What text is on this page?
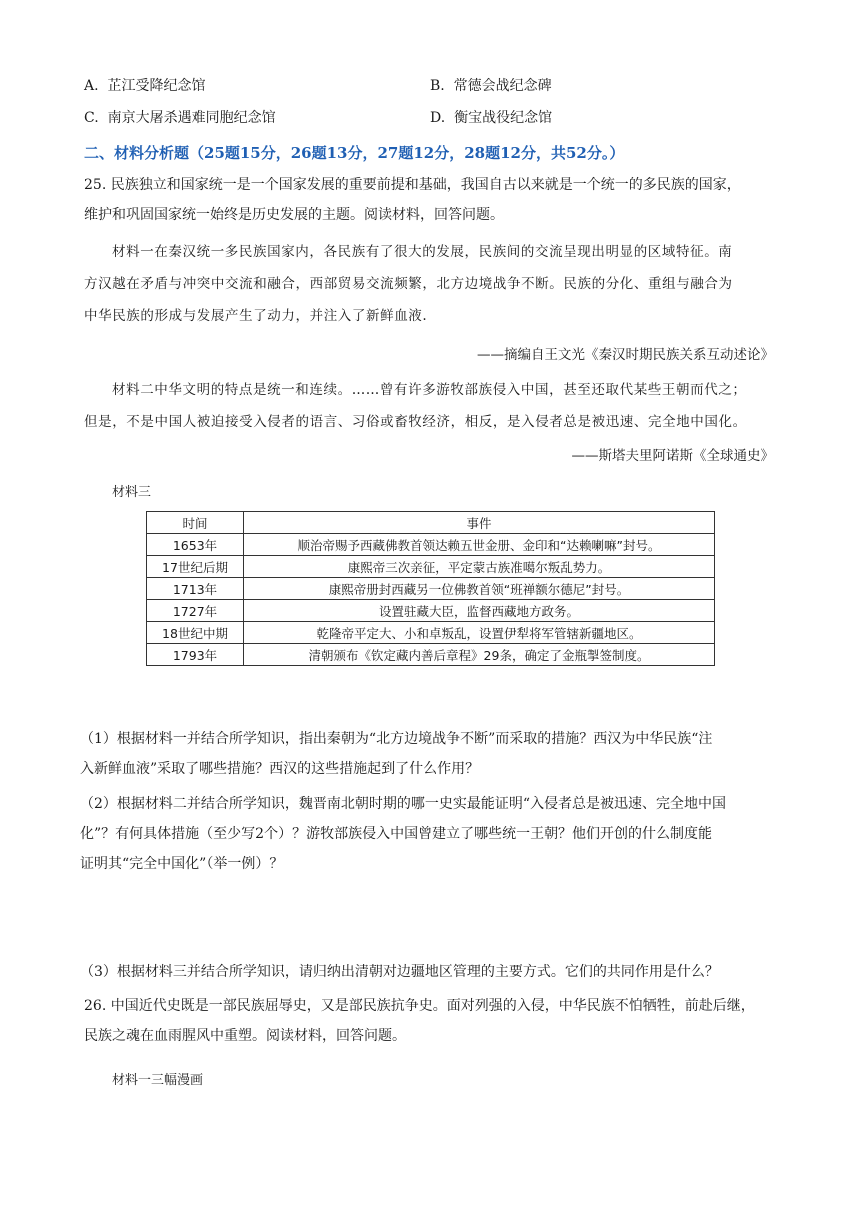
A. 芷江受降纪念馆	B. 常德会战纪念碑
C. 南京大屠杀遇难同胞纪念馆	D. 衡宝战役纪念馆
二、材料分析题（25题15分，26题13分，27题12分，28题12分，共52分。）
25. 民族独立和国家统一是一个国家发展的重要前提和基础，我国自古以来就是一个统一的多民族的国家，
维护和巩固国家统一始终是历史发展的主题。阅读材料，回答问题。
材料一在秦汉统一多民族国家内，各民族有了很大的发展，民族间的交流呈现出明显的区域特征。南
方汉越在矛盾与冲突中交流和融合，西部贸易交流频繁，北方边境战争不断。民族的分化、重组与融合为
中华民族的形成与发展产生了动力，并注入了新鲜血液.
——摘编自王文光《秦汉时期民族关系互动述论》
材料二中华文明的特点是统一和连续。……曾有许多游牧部族侵入中国，甚至还取代某些王朝而代之；
但是，不是中国人被迫接受入侵者的语言、习俗或畜牧经济，相反，是入侵者总是被迅速、完全地中国化。
——斯塔夫里阿诺斯《全球通史》
材料三
时间	事件
1653年	顺治帝赐予西藏佛教首领达赖五世金册、金印和“达赖喇嘛”封号。
17世纪后期	康熙帝三次亲征，平定蒙古族准噶尔叛乱势力。
1713年	康熙帝册封西藏另一位佛教首领“班禅额尔德尼”封号。
1727年	设置驻藏大臣，监督西藏地方政务。
18世纪中期	乾隆帝平定大、小和卓叛乱，设置伊犁将军管辖新疆地区。
1793年	清朝颁布《钦定藏内善后章程》29条，确定了金瓶掣签制度。
（1）根据材料一并结合所学知识，指出秦朝为“北方边境战争不断”而采取的措施？西汉为中华民族“注
入新鲜血液”采取了哪些措施？西汉的这些措施起到了什么作用？
（2）根据材料二并结合所学知识，魏晋南北朝时期的哪一史实最能证明“入侵者总是被迅速、完全地中国
化”？有何具体措施（至少写2个）？游牧部族侵入中国曾建立了哪些统一王朝？他们开创的什么制度能
证明其“完全中国化”（举一例）？
（3）根据材料三并结合所学知识，请归纳出清朝对边疆地区管理的主要方式。它们的共同作用是什么？
26. 中国近代史既是一部民族屈辱史，又是部民族抗争史。面对列强的入侵，中华民族不怕牺牲，前赴后继，
民族之魂在血雨腥风中重塑。阅读材料，回答问题。
材料一三幅漫画
